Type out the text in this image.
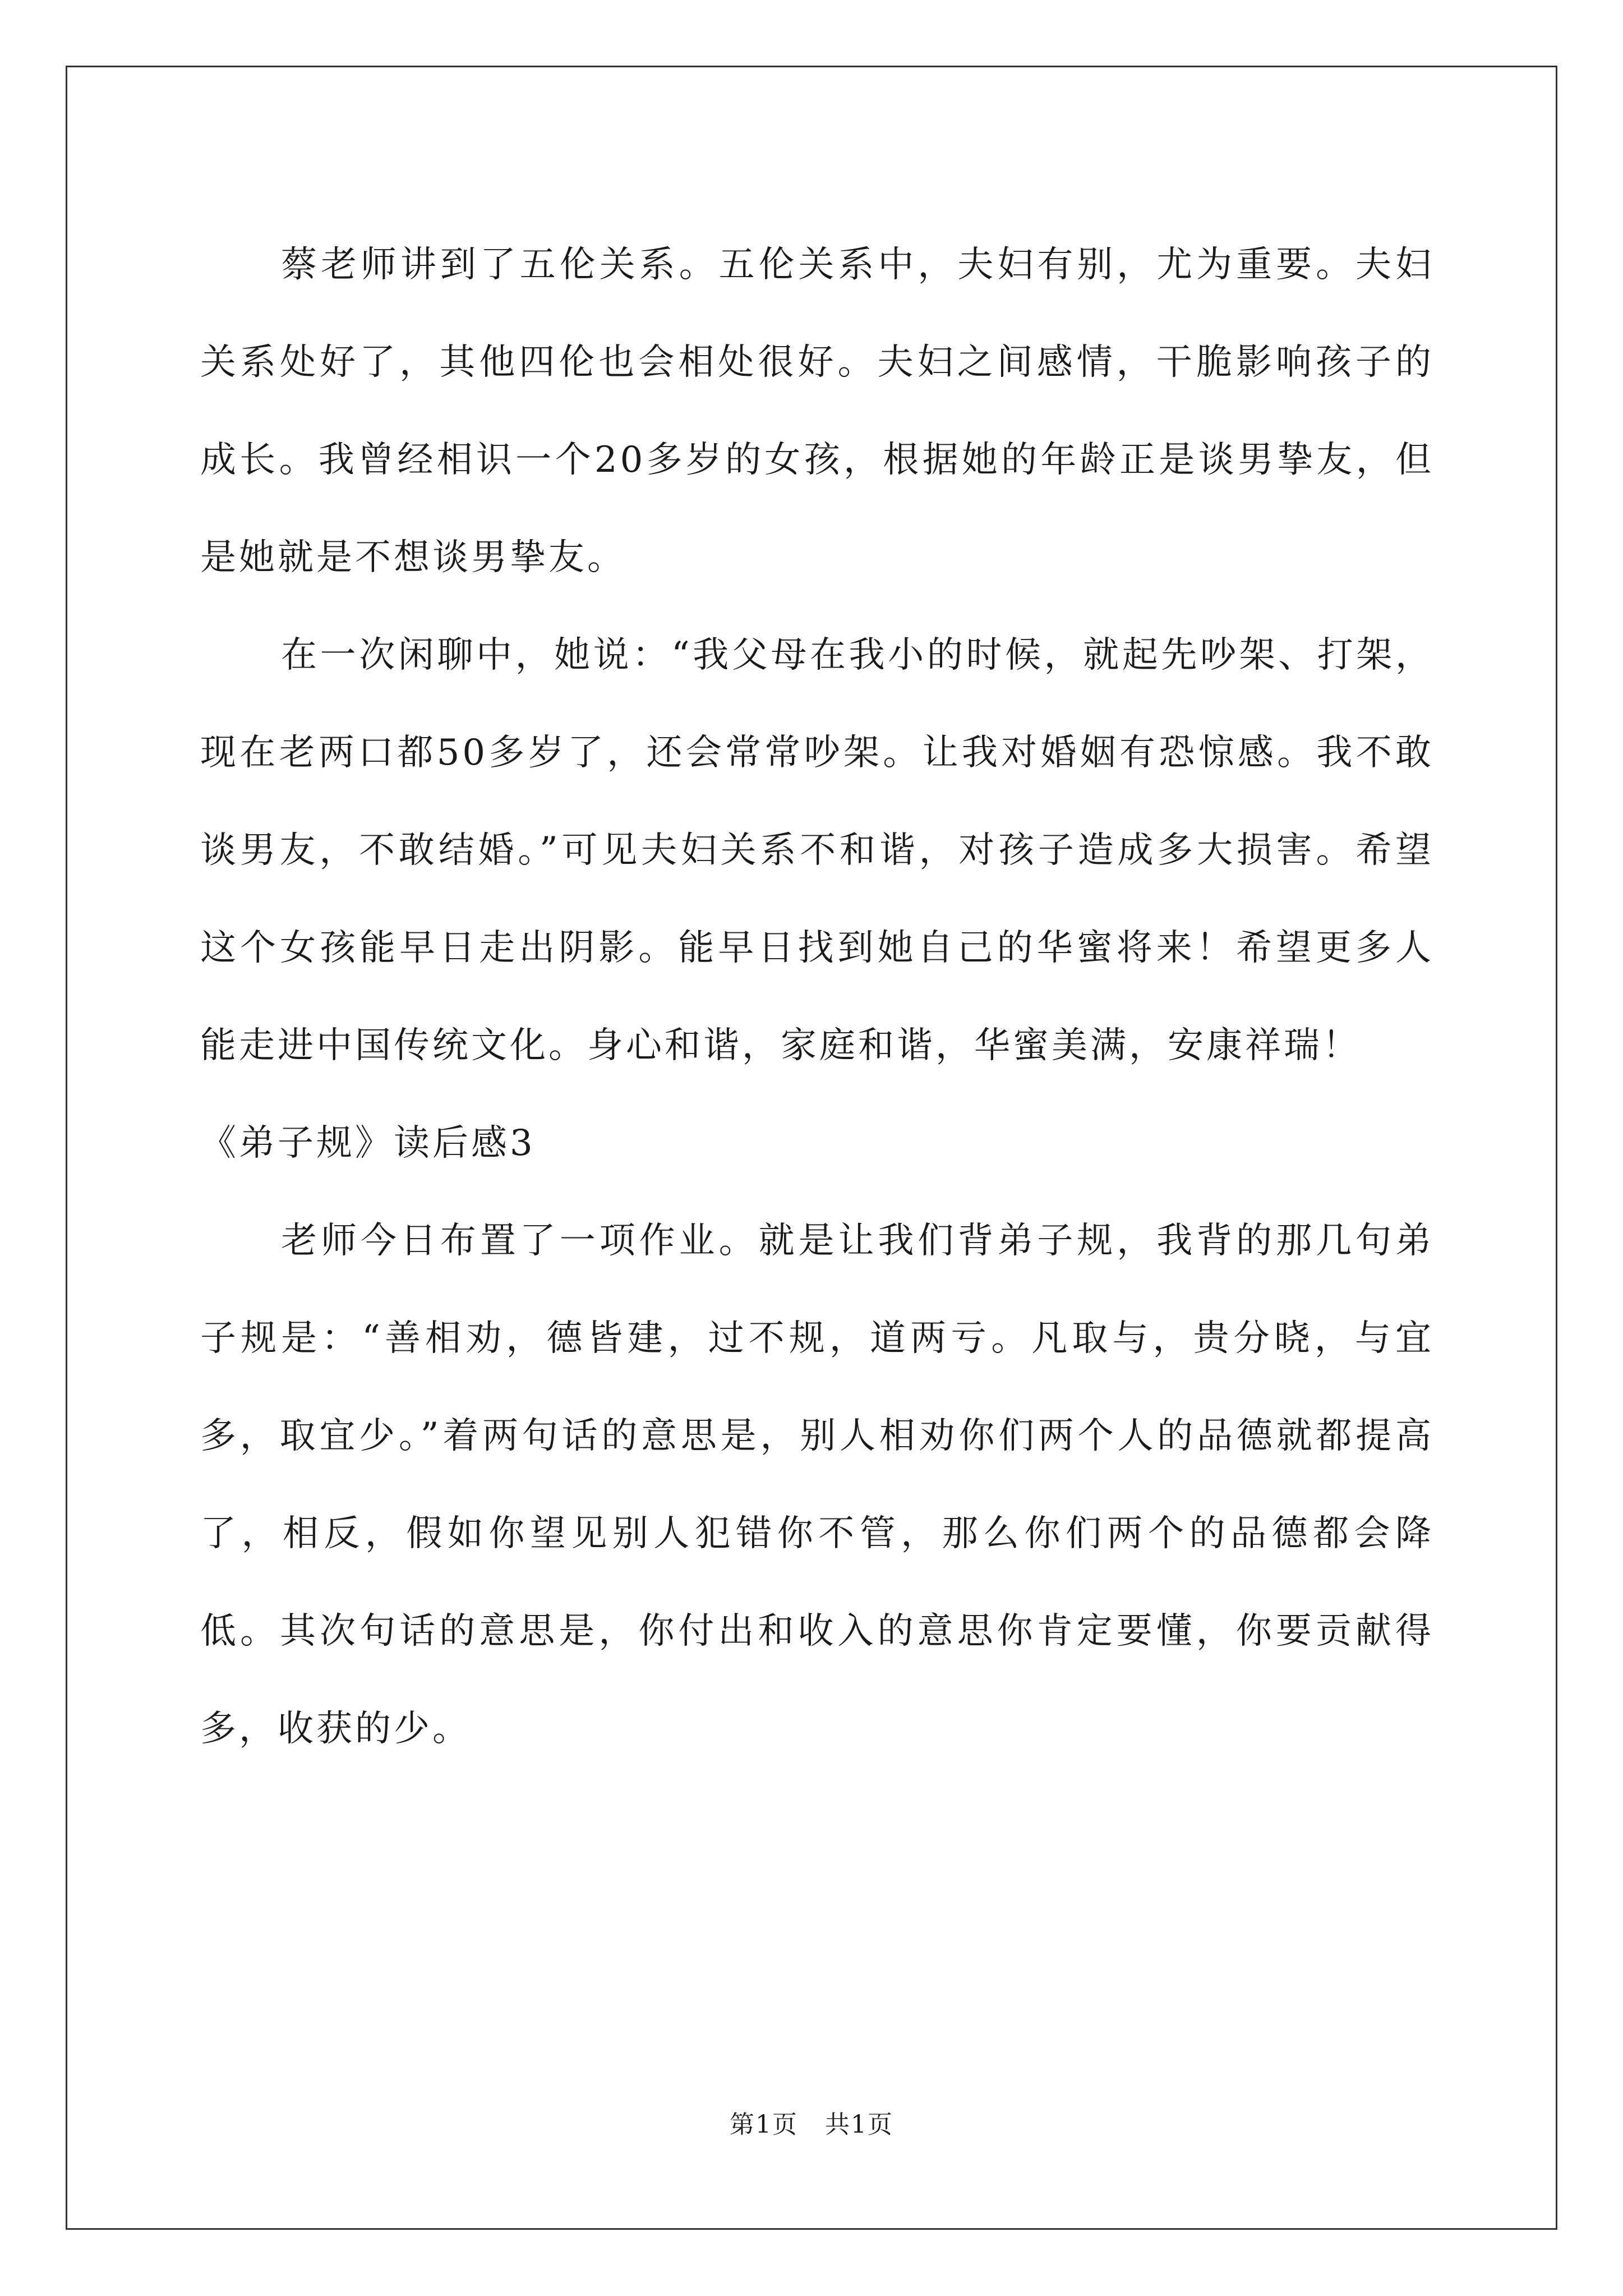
蔡老师讲到了五伦关系。五伦关系中，夫妇有别，尤为重要。夫妇关系处好了，其他四伦也会相处很好。夫妇之间感情，干脆影响孩子的成长。我曾经相识一个20多岁的女孩，根据她的年龄正是谈男挚友，但是她就是不想谈男挚友。

在一次闲聊中，她说：“我父母在我小的时候，就起先吵架、打架，现在老两口都50多岁了，还会常常吵架。让我对婚姻有恐惊感。我不敢谈男友，不敢结婚。”可见夫妇关系不和谐，对孩子造成多大损害。希望这个女孩能早日走出阴影。能早日找到她自己的华蜜将来！希望更多人能走进中国传统文化。身心和谐，家庭和谐，华蜜美满，安康祥瑞！

《弟子规》读后感3

老师今日布置了一项作业。就是让我们背弟子规，我背的那几句弟子规是：“善相劝，德皆建，过不规，道两亏。凡取与，贵分晓，与宜多，取宜少。”着两句话的意思是，别人相劝你们两个人的品德就都提高了，相反，假如你望见别人犯错你不管，那么你们两个的品德都会降低。其次句话的意思是，你付出和收入的意思你肯定要懂，你要贡献得多，收获的少。

第1页   共1页
